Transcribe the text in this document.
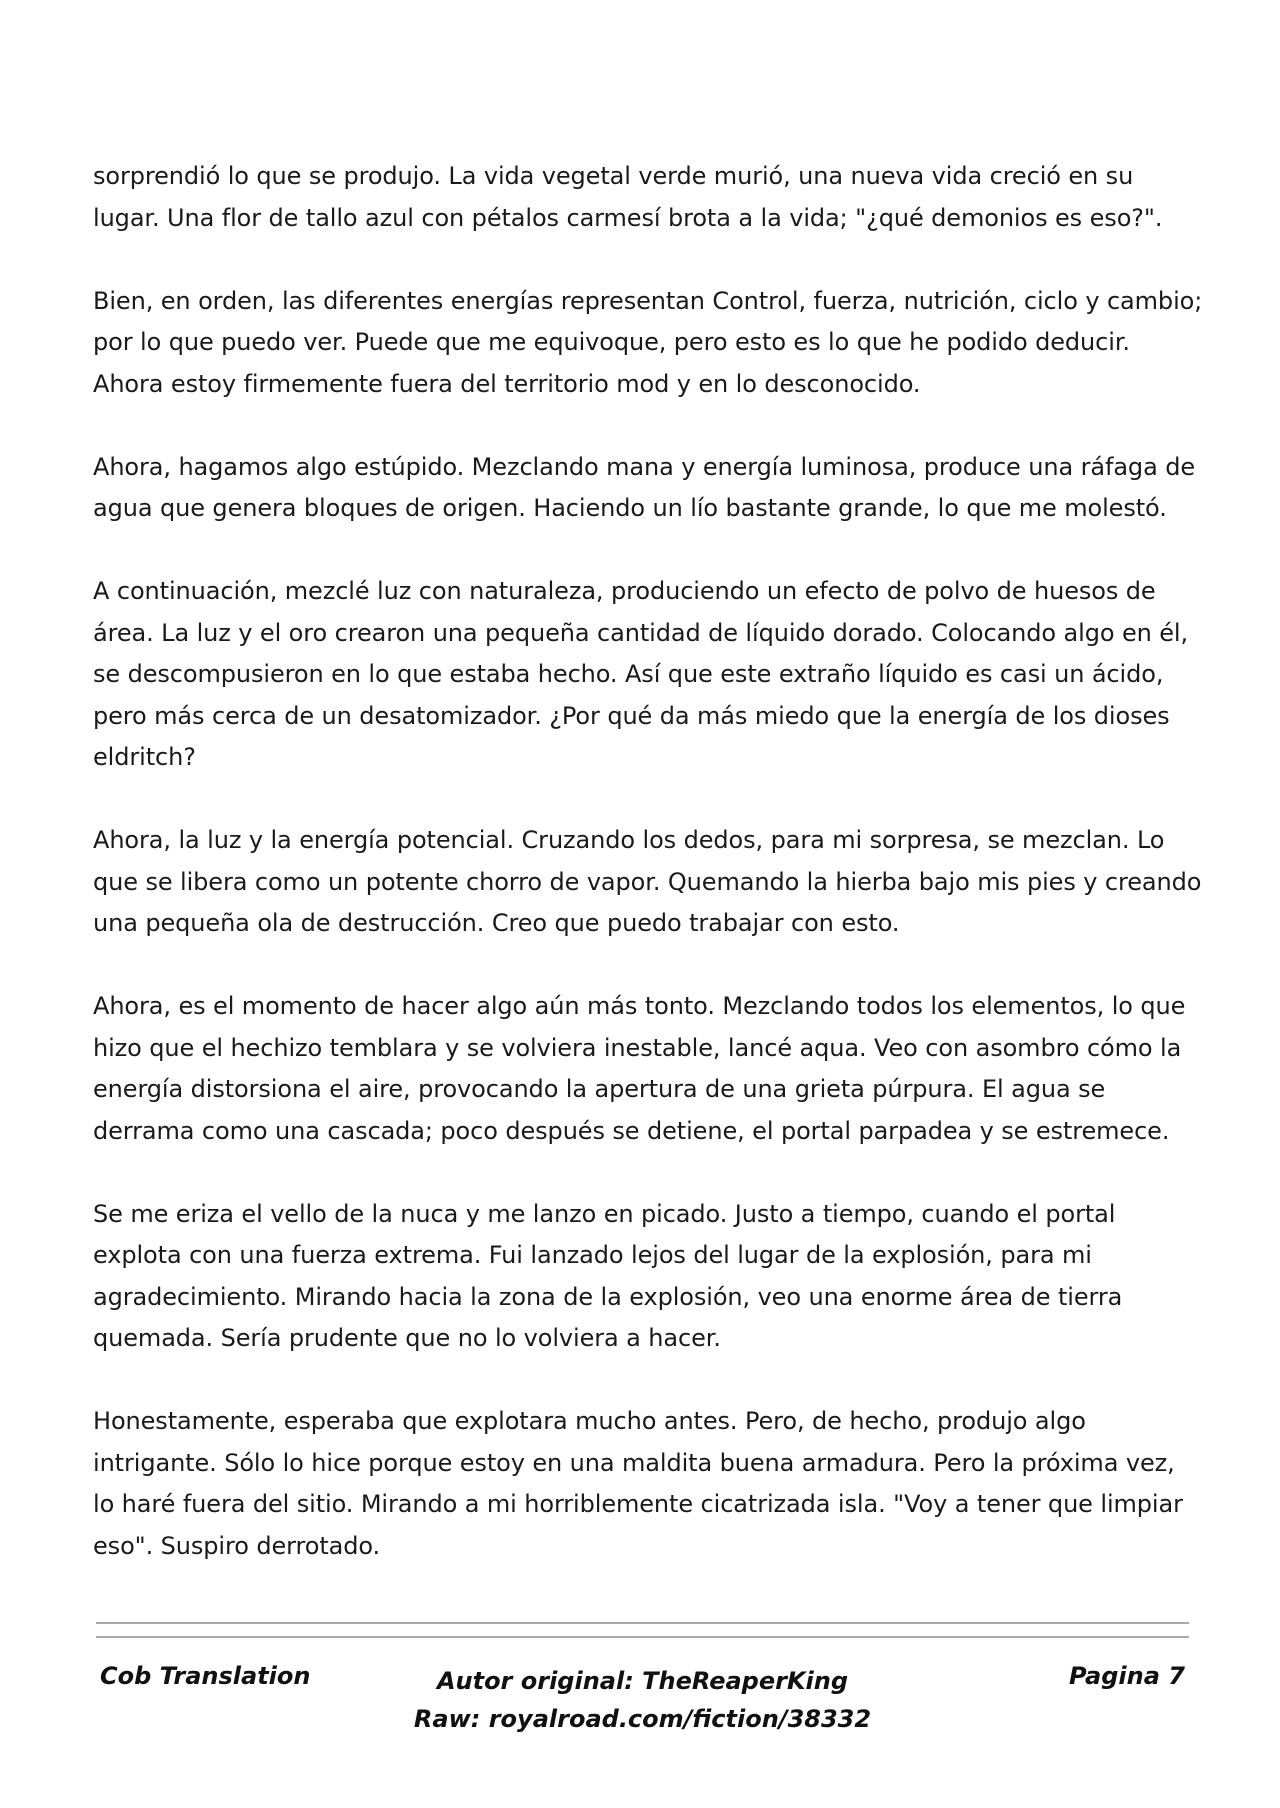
sorprendió lo que se produjo. La vida vegetal verde murió, una nueva vida creció en su lugar. Una flor de tallo azul con pétalos carmesí brota a la vida; "¿qué demonios es eso?".

Bien, en orden, las diferentes energías representan Control, fuerza, nutrición, ciclo y cambio; por lo que puedo ver. Puede que me equivoque, pero esto es lo que he podido deducir. Ahora estoy firmemente fuera del territorio mod y en lo desconocido.

Ahora, hagamos algo estúpido. Mezclando mana y energía luminosa, produce una ráfaga de agua que genera bloques de origen. Haciendo un lío bastante grande, lo que me molestó.

A continuación, mezclé luz con naturaleza, produciendo un efecto de polvo de huesos de área. La luz y el oro crearon una pequeña cantidad de líquido dorado. Colocando algo en él, se descompusieron en lo que estaba hecho. Así que este extraño líquido es casi un ácido, pero más cerca de un desatomizador. ¿Por qué da más miedo que la energía de los dioses eldritch?

Ahora, la luz y la energía potencial. Cruzando los dedos, para mi sorpresa, se mezclan. Lo que se libera como un potente chorro de vapor. Quemando la hierba bajo mis pies y creando una pequeña ola de destrucción. Creo que puedo trabajar con esto.

Ahora, es el momento de hacer algo aún más tonto. Mezclando todos los elementos, lo que hizo que el hechizo temblara y se volviera inestable, lancé aqua. Veo con asombro cómo la energía distorsiona el aire, provocando la apertura de una grieta púrpura. El agua se derrama como una cascada; poco después se detiene, el portal parpadea y se estremece.

Se me eriza el vello de la nuca y me lanzo en picado. Justo a tiempo, cuando el portal explota con una fuerza extrema. Fui lanzado lejos del lugar de la explosión, para mi agradecimiento. Mirando hacia la zona de la explosión, veo una enorme área de tierra quemada. Sería prudente que no lo volviera a hacer.

Honestamente, esperaba que explotara mucho antes. Pero, de hecho, produjo algo intrigante. Sólo lo hice porque estoy en una maldita buena armadura. Pero la próxima vez, lo haré fuera del sitio. Mirando a mi horriblemente cicatrizada isla. "Voy a tener que limpiar eso". Suspiro derrotado.

Cob Translation	Autor original: TheReaperKing
Raw: royalroad.com/fiction/38332
Pagina 7
